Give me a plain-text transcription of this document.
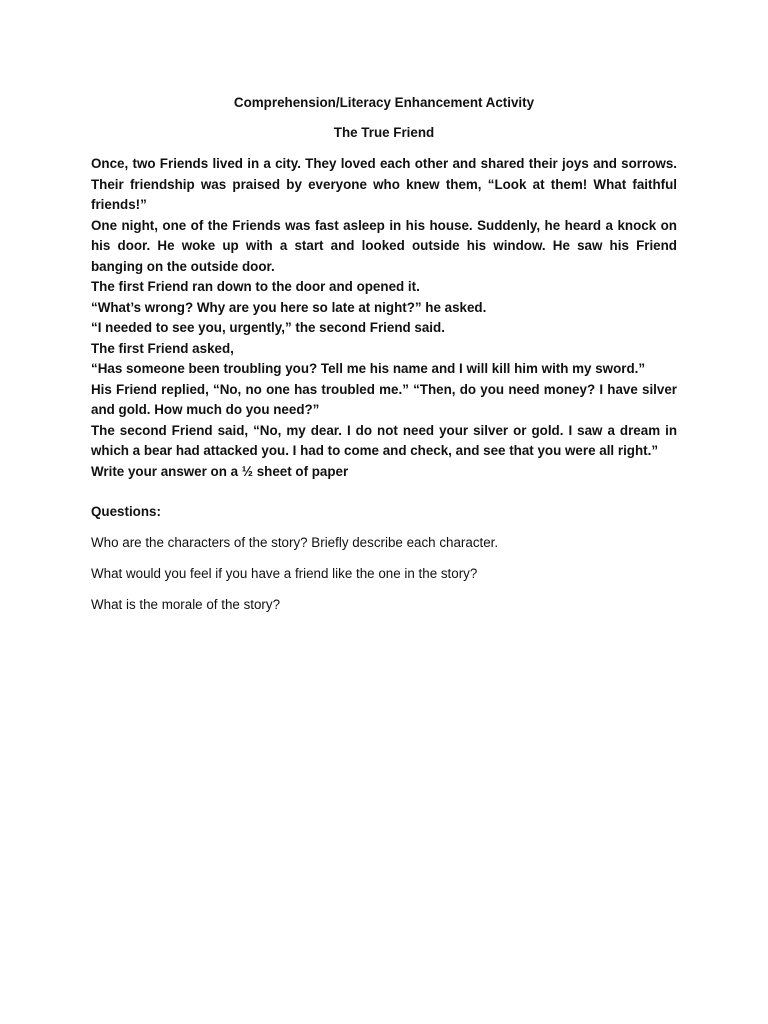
Comprehension/Literacy Enhancement Activity

The True Friend

Once, two Friends lived in a city. They loved each other and shared their joys and sorrows. Their friendship was praised by everyone who knew them, “Look at them! What faithful friends!”

One night, one of the Friends was fast asleep in his house. Suddenly, he heard a knock on his door. He woke up with a start and looked outside his window. He saw his Friend banging on the outside door.

The first Friend ran down to the door and opened it.

“What’s wrong? Why are you here so late at night?” he asked.

“I needed to see you, urgently,” the second Friend said.

The first Friend asked,

“Has someone been troubling you? Tell me his name and I will kill him with my sword.”

His Friend replied, “No, no one has troubled me.” “Then, do you need money? I have silver and gold. How much do you need?”

The second Friend said, “No, my dear. I do not need your silver or gold. I saw a dream in which a bear had attacked you. I had to come and check, and see that you were all right.”

Write your answer on a ½ sheet of paper

Questions:

Who are the characters of the story? Briefly describe each character.

What would you feel if you have a friend like the one in the story?

What is the morale of the story?
